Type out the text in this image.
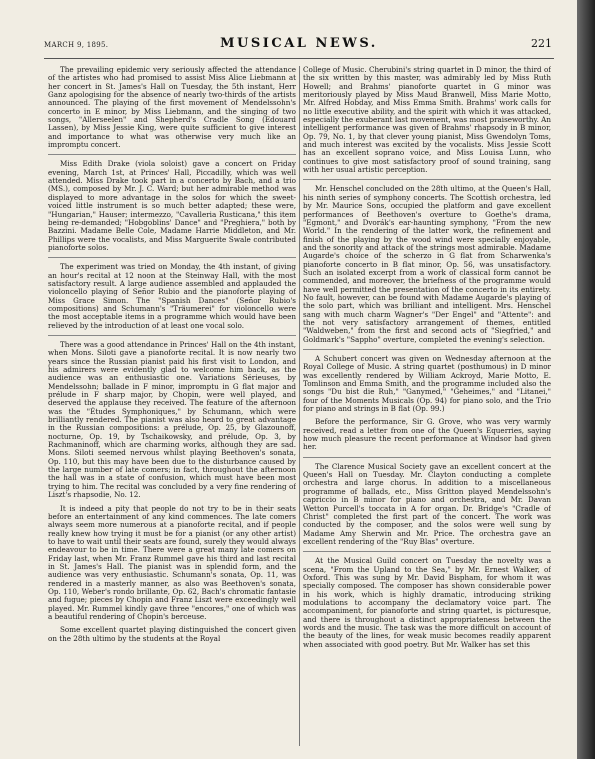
MARCH 9, 1895.	MUSICAL NEWS.	221

The prevailing epidemic very seriously affected the attendance of the artistes who had promised to assist Miss Alice Liebmann at her concert in St. James's Hall on Tuesday, the 5th instant, Herr Ganz apologising for the absence of nearly two-thirds of the artists announced. The playing of the first movement of Mendelssohn's concerto in E minor, by Miss Liebmann, and the singing of two songs, "Allerseelen" and Shepherd's Cradle Song (Edouard Lassen), by Miss Jessie King, were quite sufficient to give interest and importance to what was otherwise very much like an impromptu concert.

Miss Edith Drake (viola soloist) gave a concert on Friday evening, March 1st, at Princes' Hall, Piccadilly, which was well attended. Miss Drake took part in a concerto by Bach, and a trio (MS.), composed by Mr. J. C. Ward; but her admirable method was displayed to more advantage in the solos for which the sweet-voiced little instrument is so much better adapted; these were, "Hungarian," Hauser; intermezzo, "Cavalleria Rusticana," this item being re-demanded; "Hobgoblins' Dance" and "Preghiera," both by Bazzini. Madame Belle Cole, Madame Harrie Middleton, and Mr. Phillips were the vocalists, and Miss Marguerite Swale contributed pianoforte solos.

The experiment was tried on Monday, the 4th instant, of giving an hour's recital at 12 noon at the Steinway Hall, with the most satisfactory result. A large audience assembled and applauded the violoncello playing of Señor Rubio and the pianoforte playing of Miss Grace Simon. The "Spanish Dances" (Señor Rubio's compositions) and Schumann's "Träumerei" for violoncello were the most acceptable items in a programme which would have been relieved by the introduction of at least one vocal solo.

There was a good attendance in Princes' Hall on the 4th instant, when Mons. Siloti gave a pianoforte recital. It is now nearly two years since the Russian pianist paid his first visit to London, and his admirers were evidently glad to welcome him back, as the audience was an enthusiastic one. Variations Sérieuses, by Mendelssohn; ballade in F minor, impromptu in G flat major and prélude in F sharp major, by Chopin, were well played, and deserved the applause they received. The feature of the afternoon was the "Études Symphoniques," by Schumann, which were brilliantly rendered. The pianist was also heard to great advantage in the Russian compositions: a prélude, Op. 25, by Glazounoff, nocturne, Op. 19, by Tschaikowsky, and prélude, Op. 3, by Rachmaninoff, which are charming works, although they are sad. Mons. Siloti seemed nervous whilst playing Beethoven's sonata, Op. 110, but this may have been due to the disturbance caused by the large number of late comers; in fact, throughout the afternoon the hall was in a state of confusion, which must have been most trying to him. The recital was concluded by a very fine rendering of Liszt's rhapsodie, No. 12.

It is indeed a pity that people do not try to be in their seats before an entertainment of any kind commences. The late comers always seem more numerous at a pianoforte recital, and if people really knew how trying it must be for a pianist (or any other artist) to have to wait until their seats are found, surely they would always endeavour to be in time. There were a great many late comers on Friday last, when Mr. Franz Rummel gave his third and last recital in St. James's Hall. The pianist was in splendid form, and the audience was very enthusiastic. Schumann's sonata, Op. 11, was rendered in a masterly manner, as also was Beethoven's sonata, Op. 110, Weber's rondo brillante, Op. 62, Bach's chromatic fantasie and fugue; pieces by Chopin and Franz Liszt were exceedingly well played. Mr. Rummel kindly gave three "encores," one of which was a beautiful rendering of Chopin's berceuse.

Some excellent quartet playing distinguished the concert given on the 28th ultimo by the students at the Royal

College of Music. Cherubini's string quartet in D minor, the third of the six written by this master, was admirably led by Miss Ruth Howell; and Brahms' pianoforte quartet in G minor was meritoriously played by Miss Maud Branwell, Miss Marie Motto, Mr. Alfred Hobday, and Miss Emma Smith. Brahms' work calls for no little executive ability, and the spirit with which it was attacked, especially the exuberant last movement, was most praiseworthy. An intelligent performance was given of Brahms' rhapsody in B minor, Op. 79, No. 1, by that clever young pianist, Miss Gwendolyn Toms, and much interest was excited by the vocalists. Miss Jessie Scott has an excellent soprano voice, and Miss Louisa Lunn, who continues to give most satisfactory proof of sound training, sang with her usual artistic perception.

Mr. Henschel concluded on the 28th ultimo, at the Queen's Hall, his ninth series of symphony concerts. The Scottish orchestra, led by Mr. Maurice Sons, occupied the platform and gave excellent performances of Beethoven's overture to Goethe's drama, "Egmont," and Dvorák's ear-haunting symphony, "From the new World." In the rendering of the latter work, the refinement and finish of the playing by the wood wind were specially enjoyable, and the sonority and attack of the strings most admirable. Madame Augarde's choice of the scherzo in G flat from Scharwenka's pianoforte concerto in B flat minor, Op. 56, was unsatisfactory. Such an isolated excerpt from a work of classical form cannot be commended, and moreover, the briefness of the programme would have well permitted the presentation of the concerto in its entirety. No fault, however, can be found with Madame Augarde's playing of the solo part, which was brilliant and intelligent. Mrs. Henschel sang with much charm Wagner's "Der Engel" and "Attente": and the not very satisfactory arrangement of themes, entitled "Waldweben," from the first and second acts of "Siegfried," and Goldmark's "Sappho" overture, completed the evening's selection.

A Schubert concert was given on Wednesday afternoon at the Royal College of Music. A string quartet (posthumous) in D minor was excellently rendered by William Ackroyd, Marie Motto, E. Tomlinson and Emma Smith, and the programme included also the songs "Du bist die Ruh," "Ganymed," "Geheimes," and "Litanei," four of the Moments Musicals (Op. 94) for piano solo, and the Trio for piano and strings in B flat (Op. 99.)

Before the performance, Sir G. Grove, who was very warmly received, read a letter from one of the Queen's Equerries, saying how much pleasure the recent performance at Windsor had given her.

The Clarence Musical Society gave an excellent concert at the Queen's Hall on Tuesday. Mr. Clayton conducting a complete orchestra and large chorus. In addition to a miscellaneous programme of ballads, etc., Miss Gritton played Mendelssohn's capriccio in B minor for piano and orchestra, and Mr. Davan Wetton Purcell's toccata in A for organ. Dr. Bridge's "Cradle of Christ" completed the first part of the concert. The work was conducted by the composer, and the solos were well sung by Madame Amy Sherwin and Mr. Price. The orchestra gave an excellent rendering of the "Ruy Blas" overture.

At the Musical Guild concert on Tuesday the novelty was a scena, "From the Upland to the Sea," by Mr. Ernest Walker, of Oxford. This was sung by Mr. David Bispham, for whom it was specially composed. The composer has shown considerable power in his work, which is highly dramatic, introducing striking modulations to accompany the declamatory voice part. The accompaniment, for pianoforte and string quartet, is picturesque, and there is throughout a distinct appropriateness between the words and the music. The task was the more difficult on account of the beauty of the lines, for weak music becomes readily apparent when associated with good poetry. But Mr. Walker has set this
